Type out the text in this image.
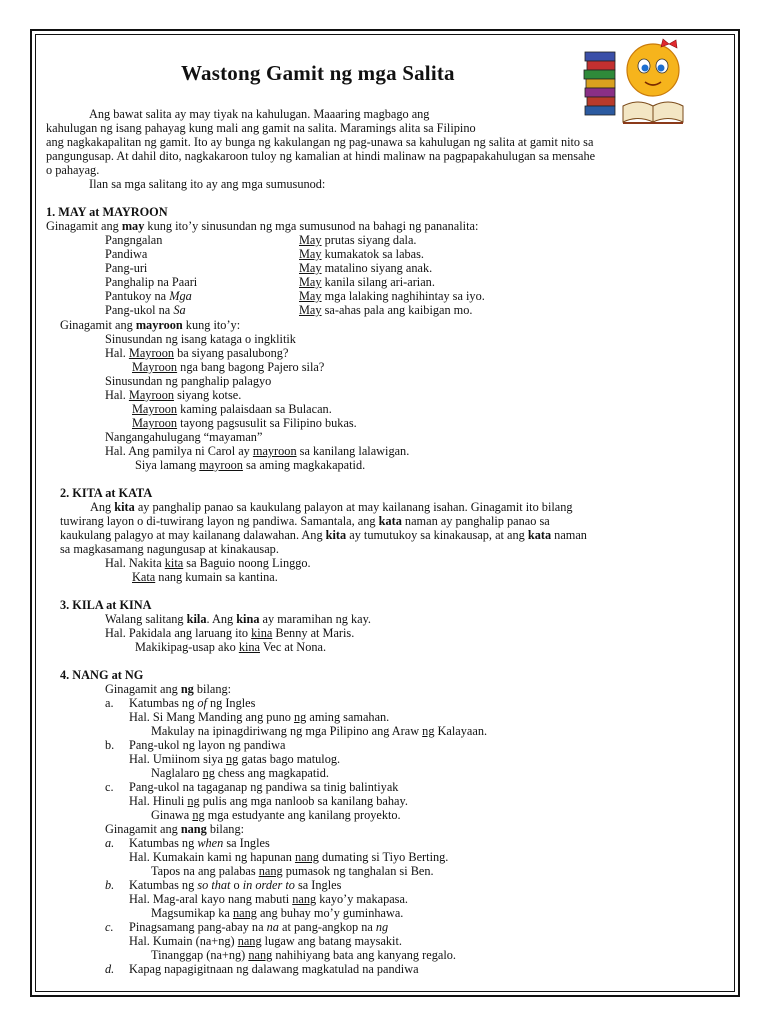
Wastong Gamit ng mga Salita
Ang bawat salita ay may tiyak na kahulugan. Maaaring magbago ang
kahulugan ng isang pahayag kung mali ang gamit na salita. Maramings alita sa Filipino
ang nagkakapalitan ng gamit. Ito ay bunga ng kakulangan ng pag-unawa sa kahulugan ng salita at gamit nito sa
pangungusap. At dahil dito, nagkakaroon tuloy ng kamalian at hindi malinaw na pagpapakahulugan sa mensahe
o pahayag.
Ilan sa mga salitang ito ay ang mga sumusunod:
1. MAY at MAYROON
Ginagamit ang may kung ito’y sinusundan ng mga sumusunod na bahagi ng pananalita:
Pangngalan	May prutas siyang dala.
Pandiwa	May kumakatok sa labas.
Pang-uri	May matalino siyang anak.
Panghalip na Paari	May kanila silang ari-arian.
Pantukoy na Mga	May mga lalaking naghihintay sa iyo.
Pang-ukol na Sa	May sa-ahas pala ang kaibigan mo.
Ginagamit ang mayroon kung ito’y:
Sinusundan ng isang kataga o ingklitik
Hal. Mayroon ba siyang pasalubong?
Mayroon nga bang bagong Pajero sila?
Sinusundan ng panghalip palagyo
Hal. Mayroon siyang kotse.
Mayroon kaming palaisdaan sa Bulacan.
Mayroon tayong pagsusulit sa Filipino bukas.
Nangangahulugang “mayaman”
Hal. Ang pamilya ni Carol ay mayroon sa kanilang lalawigan.
Siya lamang mayroon sa aming magkakapatid.
2. KITA at KATA
Ang kita ay panghalip panao sa kaukulang palayon at may kailanang isahan. Ginagamit ito bilang
tuwirang layon o di-tuwirang layon ng pandiwa. Samantala, ang kata naman ay panghalip panao sa
kaukulang palagyo at may kailanang dalawahan. Ang kita ay tumutukoy sa kinakausap, at ang kata naman
sa magkasamang nagungusap at kinakausap.
Hal. Nakita kita sa Baguio noong Linggo.
Kata nang kumain sa kantina.
3. KILA at KINA
Walang salitang kila. Ang kina ay maramihan ng kay.
Hal. Pakidala ang laruang ito kina Benny at Maris.
Makikipag-usap ako kina Vec at Nona.
4. NANG at NG
Ginagamit ang ng bilang:
a. Katumbas ng of ng Ingles
Hal. Si Mang Manding ang puno ng aming samahan.
Makulay na ipinagdiriwang ng mga Pilipino ang Araw ng Kalayaan.
b. Pang-ukol ng layon ng pandiwa
Hal. Umiinom siya ng gatas bago matulog.
Naglalaro ng chess ang magkapatid.
c. Pang-ukol na tagaganap ng pandiwa sa tinig balintiyak
Hal. Hinuli ng pulis ang mga nanloob sa kanilang bahay.
Ginawa ng mga estudyante ang kanilang proyekto.
Ginagamit ang nang bilang:
a. Katumbas ng when sa Ingles
Hal. Kumakain kami ng hapunan nang dumating si Tiyo Berting.
Tapos na ang palabas nang pumasok ng tanghalan si Ben.
b. Katumbas ng so that o in order to sa Ingles
Hal. Mag-aral kayo nang mabuti nang kayo’y makapasa.
Magsumikap ka nang ang buhay mo’y guminhawa.
c. Pinagsamang pang-abay na na at pang-angkop na ng
Hal. Kumain (na+ng) nang lugaw ang batang maysakit.
Tinanggap (na+ng) nang nahihiyang bata ang kanyang regalo.
d. Kapag napagigitnaan ng dalawang magkatulad na pandiwa
